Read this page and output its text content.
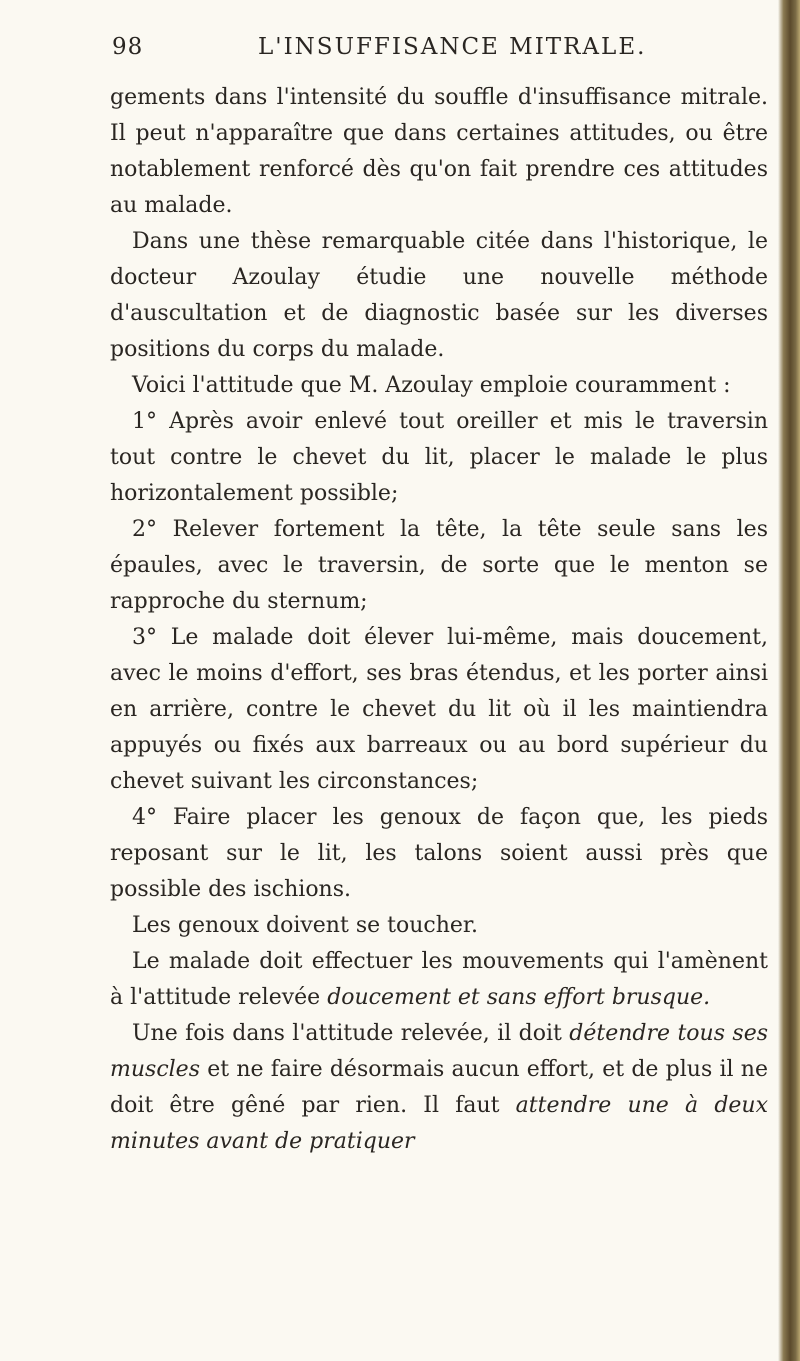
98	L'INSUFFISANCE MITRALE.

gements dans l'intensité du souffle d'insuffisance mitrale. Il peut n'apparaître que dans certaines attitudes, ou être notablement renforcé dès qu'on fait prendre ces attitudes au malade.

Dans une thèse remarquable citée dans l'historique, le docteur Azoulay étudie une nouvelle méthode d'auscultation et de diagnostic basée sur les diverses positions du corps du malade.

Voici l'attitude que M. Azoulay emploie couramment :

1° Après avoir enlevé tout oreiller et mis le traversin tout contre le chevet du lit, placer le malade le plus horizontalement possible;

2° Relever fortement la tête, la tête seule sans les épaules, avec le traversin, de sorte que le menton se rapproche du sternum;

3° Le malade doit élever lui-même, mais doucement, avec le moins d'effort, ses bras étendus, et les porter ainsi en arrière, contre le chevet du lit où il les maintiendra appuyés ou fixés aux barreaux ou au bord supérieur du chevet suivant les circonstances;

4° Faire placer les genoux de façon que, les pieds reposant sur le lit, les talons soient aussi près que possible des ischions.

Les genoux doivent se toucher.

Le malade doit effectuer les mouvements qui l'amènent à l'attitude relevée doucement et sans effort brusque.

Une fois dans l'attitude relevée, il doit détendre tous ses muscles et ne faire désormais aucun effort, et de plus il ne doit être gêné par rien. Il faut attendre une à deux minutes avant de pratiquer
